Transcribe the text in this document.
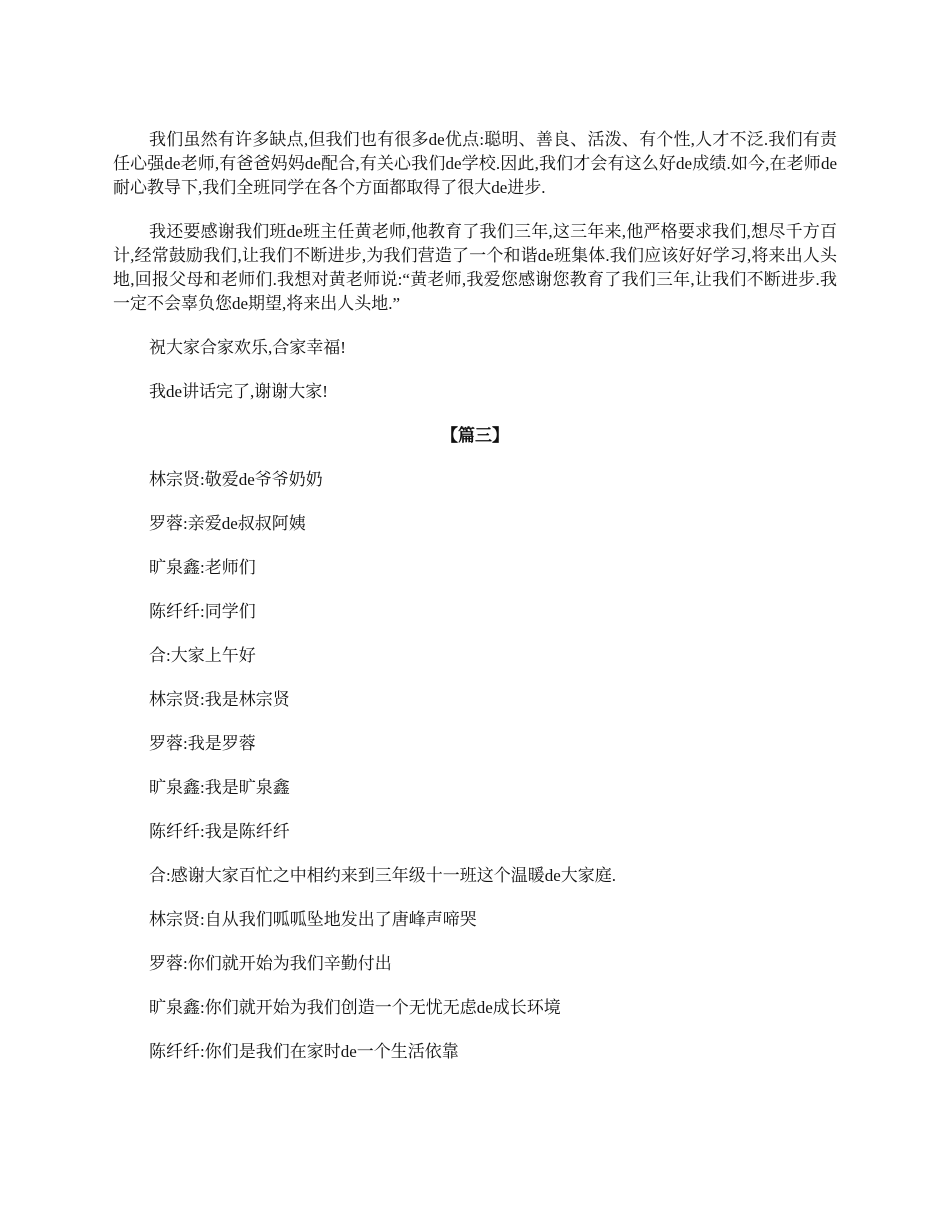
我们虽然有许多缺点,但我们也有很多de优点:聪明、善良、活泼、有个性,人才不泛.我们有责任心强de老师,有爸爸妈妈de配合,有关心我们de学校.因此,我们才会有这么好de成绩.如今,在老师de耐心教导下,我们全班同学在各个方面都取得了很大de进步.

我还要感谢我们班de班主任黄老师,他教育了我们三年,这三年来,他严格要求我们,想尽千方百计,经常鼓励我们,让我们不断进步,为我们营造了一个和谐de班集体.我们应该好好学习,将来出人头地,回报父母和老师们.我想对黄老师说:“黄老师,我爱您感谢您教育了我们三年,让我们不断进步.我一定不会辜负您de期望,将来出人头地.”

祝大家合家欢乐,合家幸福!

我de讲话完了,谢谢大家!

【篇三】
林宗贤:敬爱de爷爷奶奶
罗蓉:亲爱de叔叔阿姨
旷泉鑫:老师们
陈纤纤:同学们
合:大家上午好
林宗贤:我是林宗贤
罗蓉:我是罗蓉
旷泉鑫:我是旷泉鑫
陈纤纤:我是陈纤纤
合:感谢大家百忙之中相约来到三年级十一班这个温暖de大家庭.
林宗贤:自从我们呱呱坠地发出了唐峰声啼哭
罗蓉:你们就开始为我们辛勤付出
旷泉鑫:你们就开始为我们创造一个无忧无虑de成长环境
陈纤纤:你们是我们在家时de一个生活依靠
